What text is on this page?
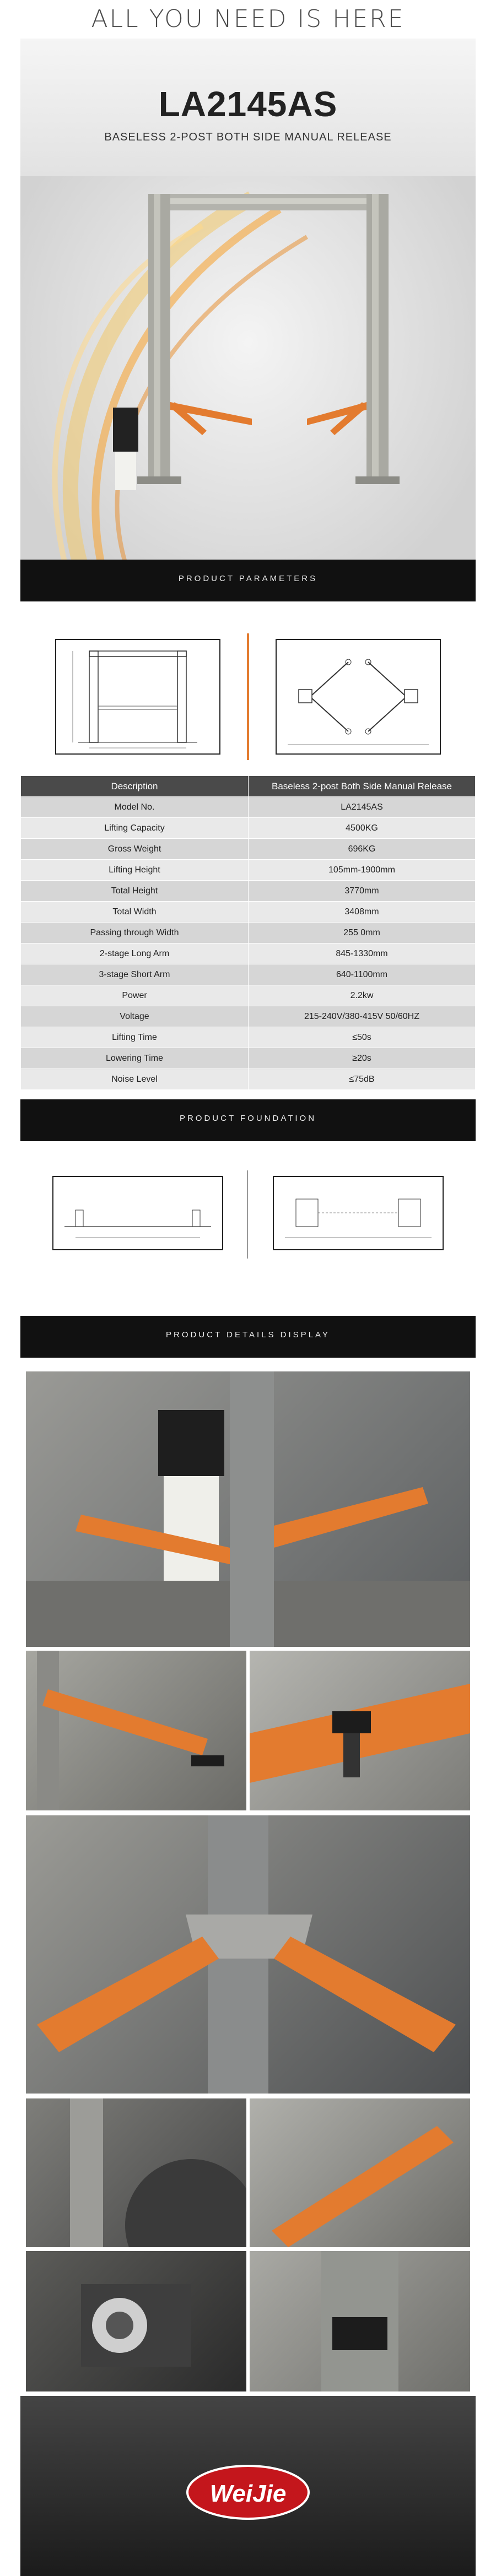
ALL YOU NEED IS HERE
LA2145AS
BASELESS 2-POST BOTH SIDE MANUAL RELEASE
PRODUCT PARAMETERS
Description	Baseless 2-post Both Side Manual Release
Model No.	LA2145AS
Lifting Capacity	4500KG
Gross Weight	696KG
Lifting Height	105mm-1900mm
Total Height	3770mm
Total Width	3408mm
Passing through Width	255 0mm
2-stage Long Arm	845-1330mm
3-stage Short Arm	640-1100mm
Power	2.2kw
Voltage	215-240V/380-415V 50/60HZ
Lifting Time	≤50s
Lowering Time	≥20s
Noise Level	≤75dB
PRODUCT FOUNDATION
PRODUCT DETAILS DISPLAY
WeiJie
